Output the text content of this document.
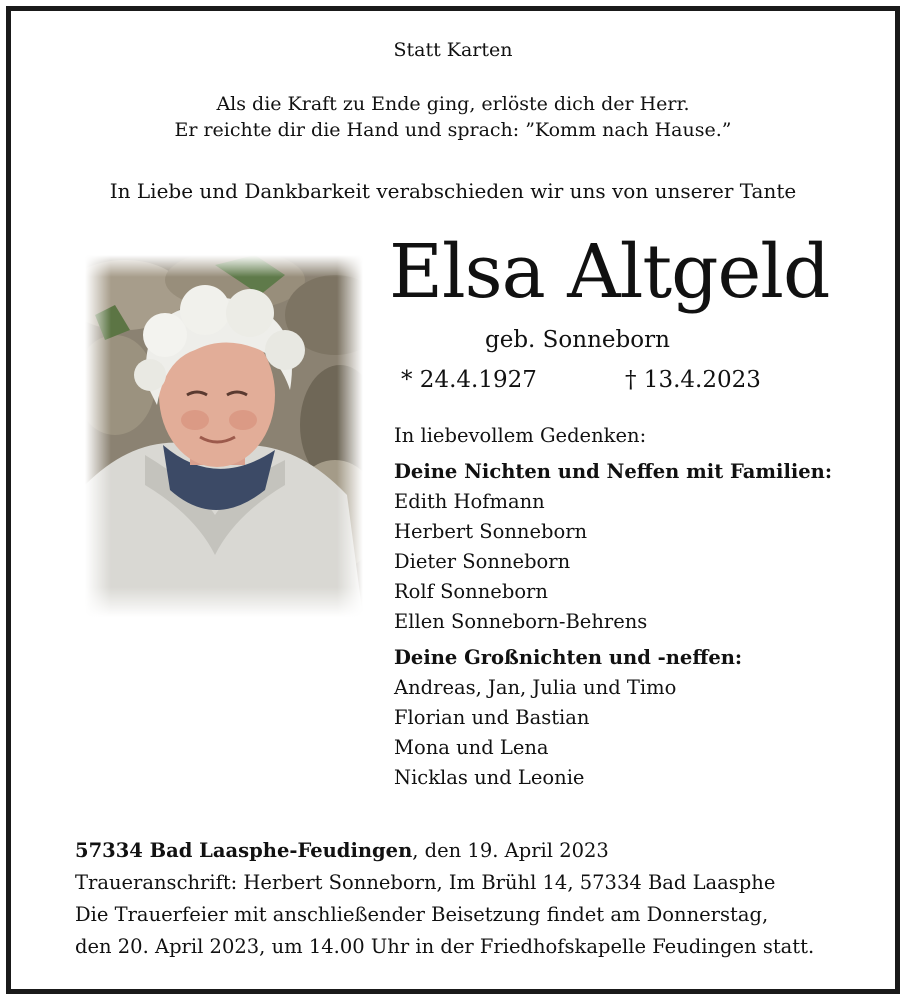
Statt Karten
Als die Kraft zu Ende ging, erlöste dich der Herr.
Er reichte dir die Hand und sprach: ”Komm nach Hause.”
In Liebe und Dankbarkeit verabschieden wir uns von unserer Tante
Elsa Altgeld
geb. Sonneborn
* 24.4.1927	† 13.4.2023
In liebevollem Gedenken:
Deine Nichten und Neffen mit Familien:
Edith Hofmann
Herbert Sonneborn
Dieter Sonneborn
Rolf Sonneborn
Ellen Sonneborn-Behrens
Deine Großnichten und -neffen:
Andreas, Jan, Julia und Timo
Florian und Bastian
Mona und Lena
Nicklas und Leonie
57334 Bad Laasphe-Feudingen, den 19. April 2023
Traueranschrift: Herbert Sonneborn, Im Brühl 14, 57334 Bad Laasphe
Die Trauerfeier mit anschließender Beisetzung findet am Donnerstag,
den 20. April 2023, um 14.00 Uhr in der Friedhofskapelle Feudingen statt.
